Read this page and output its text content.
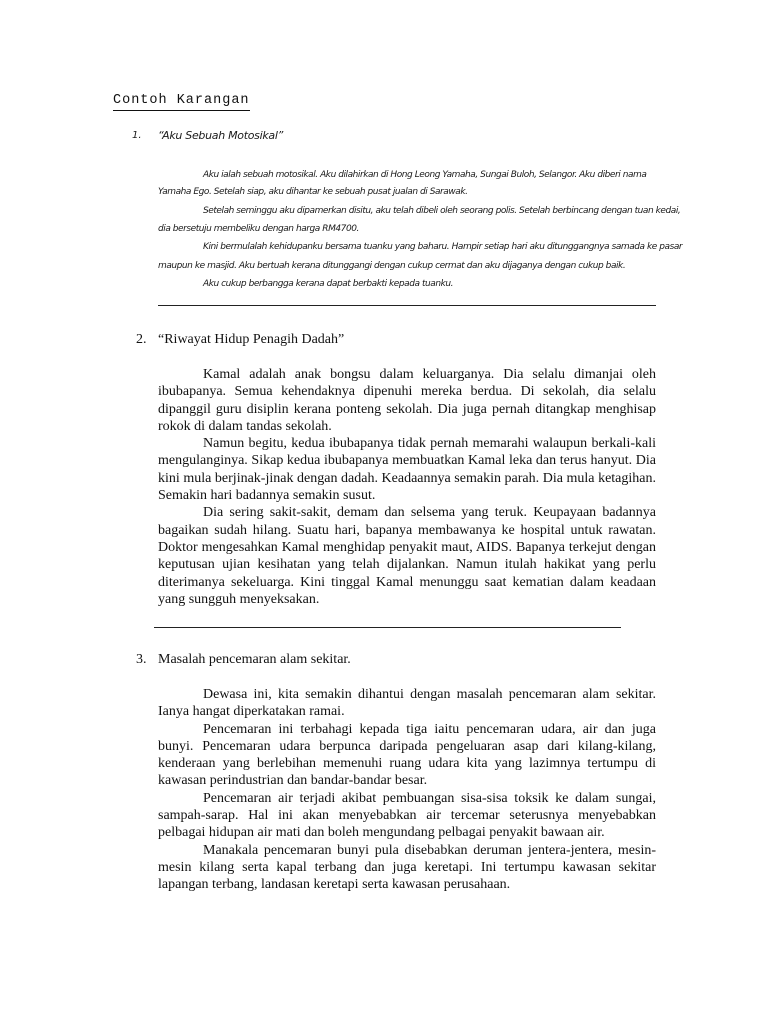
Contoh Karangan
1. “Aku Sebuah Motosikal”
Aku ialah sebuah motosikal. Aku dilahirkan di Hong Leong Yamaha, Sungai Buloh, Selangor. Aku diberi nama
Yamaha Ego. Setelah siap, aku dihantar ke sebuah pusat jualan di Sarawak.
Setelah seminggu aku dipamerkan disitu, aku telah dibeli oleh seorang polis. Setelah berbincang dengan tuan kedai,
dia bersetuju membeliku dengan harga RM4700.
Kini bermulalah kehidupanku bersama tuanku yang baharu. Hampir setiap hari aku ditunggangnya samada ke pasar
maupun ke masjid. Aku bertuah kerana ditunggangi dengan cukup cermat dan aku dijaganya dengan cukup baik.
Aku cukup berbangga kerana dapat berbakti kepada tuanku.
2. “Riwayat Hidup Penagih Dadah”

Kamal adalah anak bongsu dalam keluarganya. Dia selalu dimanjai oleh ibubapanya. Semua kehendaknya dipenuhi mereka berdua. Di sekolah, dia selalu dipanggil guru disiplin kerana ponteng sekolah. Dia juga pernah ditangkap menghisap rokok di dalam tandas sekolah.

Namun begitu, kedua ibubapanya tidak pernah memarahi walaupun berkali-kali mengulanginya. Sikap kedua ibubapanya membuatkan Kamal leka dan terus hanyut. Dia kini mula berjinak-jinak dengan dadah. Keadaannya semakin parah. Dia mula ketagihan. Semakin hari badannya semakin susut.

Dia sering sakit-sakit, demam dan selsema yang teruk. Keupayaan badannya bagaikan sudah hilang. Suatu hari, bapanya membawanya ke hospital untuk rawatan. Doktor mengesahkan Kamal menghidap penyakit maut, AIDS. Bapanya terkejut dengan keputusan ujian kesihatan yang telah dijalankan. Namun itulah hakikat yang perlu diterimanya sekeluarga. Kini tinggal Kamal menunggu saat kematian dalam keadaan yang sungguh menyeksakan.

3. Masalah pencemaran alam sekitar.

Dewasa ini, kita semakin dihantui dengan masalah pencemaran alam sekitar. Ianya hangat diperkatakan ramai.

Pencemaran ini terbahagi kepada tiga iaitu pencemaran udara, air dan juga bunyi. Pencemaran udara berpunca daripada pengeluaran asap dari kilang-kilang, kenderaan yang berlebihan memenuhi ruang udara kita yang lazimnya tertumpu di kawasan perindustrian dan bandar-bandar besar.

Pencemaran air terjadi akibat pembuangan sisa-sisa toksik ke dalam sungai, sampah-sarap. Hal ini akan menyebabkan air tercemar seterusnya menyebabkan pelbagai hidupan air mati dan boleh mengundang pelbagai penyakit bawaan air.

Manakala pencemaran bunyi pula disebabkan deruman jentera-jentera, mesin-mesin kilang serta kapal terbang dan juga keretapi. Ini tertumpu kawasan sekitar lapangan terbang, landasan keretapi serta kawasan perusahaan.
